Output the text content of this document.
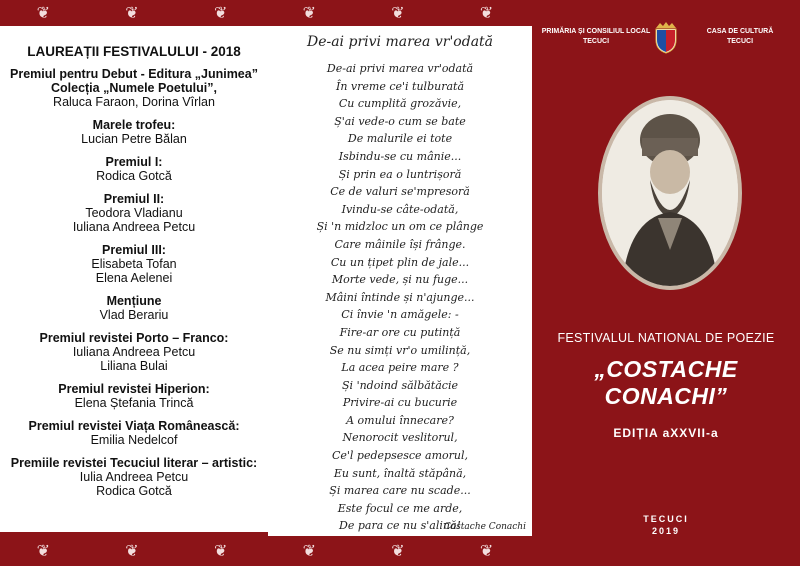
❦	❦	❦	❦	❦	❦
❦	❦	❦	❦	❦	❦
LAUREAȚII FESTIVALULUI - 2018
Premiul pentru Debut - Editura „Junimea”
Colecția „Numele Poetului”,
Raluca Faraon, Dorina Vîrlan
Marele trofeu:
Lucian Petre Bălan
Premiul I:
Rodica Gotcă
Premiul II:
Teodora Vladianu
Iuliana Andreea Petcu
Premiul III:
Elisabeta Tofan
Elena Aelenei
Mențiune
Vlad Berariu
Premiul revistei Porto – Franco:
Iuliana Andreea Petcu
Liliana Bulai
Premiul revistei Hiperion:
Elena Ștefania Trincă
Premiul revistei Viața Românească:
Emilia Nedelcof
Premiile revistei Tecuciul literar – artistic:
Iulia Andreea Petcu
Rodica Gotcă
De-ai privi marea vr'odată
De-ai privi marea vr'odată
În vreme ce'i tulburată
Cu cumplită grozăvie,
Ș'ai vede-o cum se bate
De malurile ei tote
Isbindu-se cu mânie...
Și prin ea o luntrișoră
Ce de valuri se'mpresoră
Ivindu-se câte-odată,
Și 'n midzloc un om ce plânge
Care mâinile își frânge.
Cu un țipet plin de jale...
Morte vede, și nu fuge...
Mâini întinde și n'ajunge...
Ci învie 'n amăgele: -
Fire-ar ore cu putință
Se nu simți vr'o umilință,
La acea peire mare ?
Și 'ndoind sălbătăcie
Privire-ai cu bucurie
A omului înnecare?
Nenorocit veslitorul,
Ce'l pedepsesce amorul,
Eu sunt, înaltă stăpână,
Și marea care nu scade...
Este focul ce me arde,
De para ce nu s'alină!
Costache Conachi
PRIMĂRIA ȘI CONSILIUL LOCAL
TECUCI
CASA DE CULTURĂ
TECUCI
FESTIVALUL NATIONAL DE POEZIE
„COSTACHE CONACHI”
EDIȚIA aXXVII-a
TECUCI
2019
